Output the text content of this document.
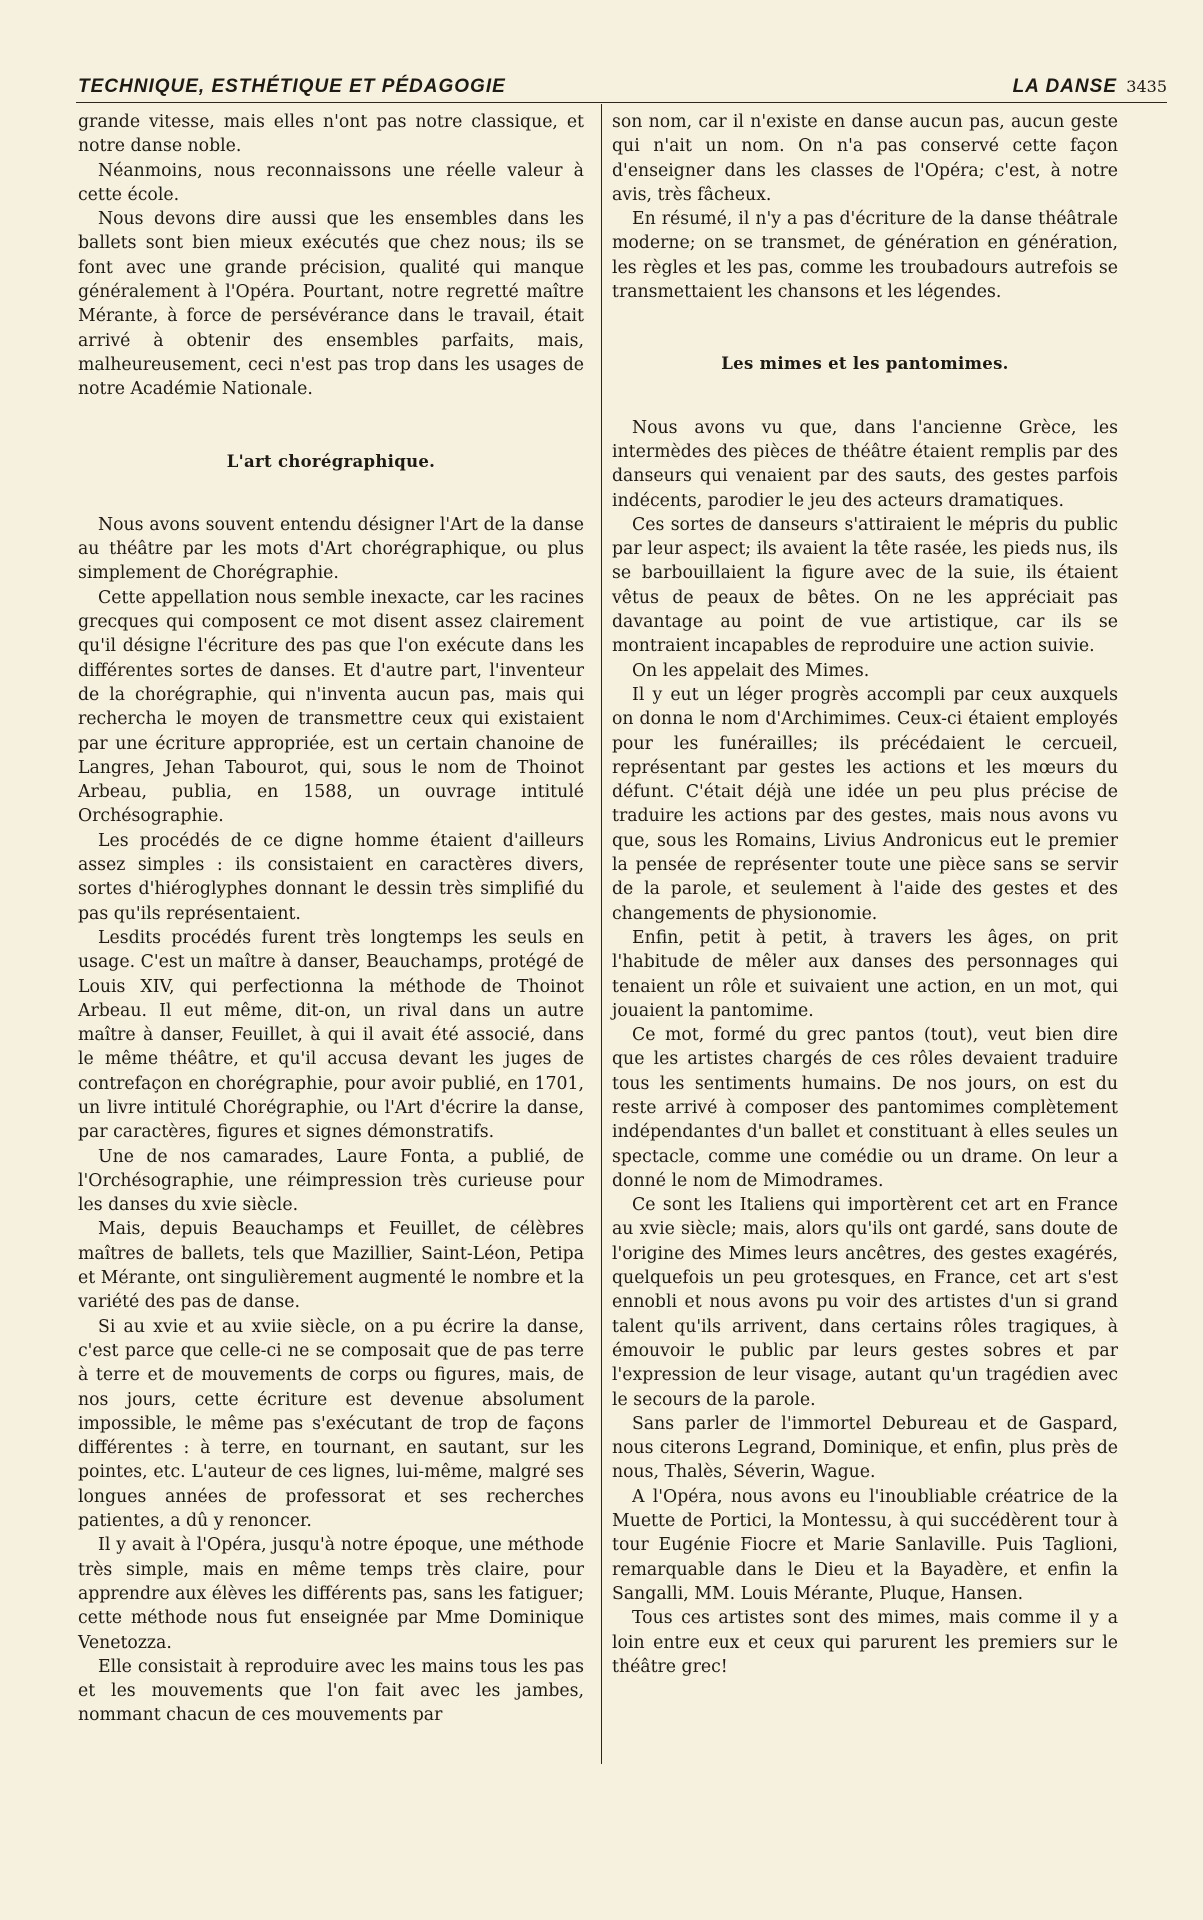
TECHNIQUE, ESTHÉTIQUE ET PÉDAGOGIE	LA DANSE 3435

grande vitesse, mais elles n'ont pas notre classique, et notre danse noble.

Néanmoins, nous reconnaissons une réelle valeur à cette école.

Nous devons dire aussi que les ensembles dans les ballets sont bien mieux exécutés que chez nous; ils se font avec une grande précision, qualité qui manque généralement à l'Opéra. Pourtant, notre regretté maître Mérante, à force de persévérance dans le travail, était arrivé à obtenir des ensembles parfaits, mais, malheureusement, ceci n'est pas trop dans les usages de notre Académie Nationale.

L'art chorégraphique.

Nous avons souvent entendu désigner l'Art de la danse au théâtre par les mots d'Art chorégraphique, ou plus simplement de Chorégraphie.

Cette appellation nous semble inexacte, car les racines grecques qui composent ce mot disent assez clairement qu'il désigne l'écriture des pas que l'on exécute dans les différentes sortes de danses. Et d'autre part, l'inventeur de la chorégraphie, qui n'inventa aucun pas, mais qui rechercha le moyen de transmettre ceux qui existaient par une écriture appropriée, est un certain chanoine de Langres, Jehan Tabourot, qui, sous le nom de Thoinot Arbeau, publia, en 1588, un ouvrage intitulé Orchésographie.

Les procédés de ce digne homme étaient d'ailleurs assez simples : ils consistaient en caractères divers, sortes d'hiéroglyphes donnant le dessin très simplifié du pas qu'ils représentaient.

Lesdits procédés furent très longtemps les seuls en usage. C'est un maître à danser, Beauchamps, protégé de Louis XIV, qui perfectionna la méthode de Thoinot Arbeau. Il eut même, dit-on, un rival dans un autre maître à danser, Feuillet, à qui il avait été associé, dans le même théâtre, et qu'il accusa devant les juges de contrefaçon en chorégraphie, pour avoir publié, en 1701, un livre intitulé Chorégraphie, ou l'Art d'écrire la danse, par caractères, figures et signes démonstratifs.

Une de nos camarades, Laure Fonta, a publié, de l'Orchésographie, une réimpression très curieuse pour les danses du xvie siècle.

Mais, depuis Beauchamps et Feuillet, de célèbres maîtres de ballets, tels que Mazillier, Saint-Léon, Petipa et Mérante, ont singulièrement augmenté le nombre et la variété des pas de danse.

Si au xvie et au xviie siècle, on a pu écrire la danse, c'est parce que celle-ci ne se composait que de pas terre à terre et de mouvements de corps ou figures, mais, de nos jours, cette écriture est devenue absolument impossible, le même pas s'exécutant de trop de façons différentes : à terre, en tournant, en sautant, sur les pointes, etc. L'auteur de ces lignes, lui-même, malgré ses longues années de professorat et ses recherches patientes, a dû y renoncer.

Il y avait à l'Opéra, jusqu'à notre époque, une méthode très simple, mais en même temps très claire, pour apprendre aux élèves les différents pas, sans les fatiguer; cette méthode nous fut enseignée par Mme Dominique Venetozza.

Elle consistait à reproduire avec les mains tous les pas et les mouvements que l'on fait avec les jambes, nommant chacun de ces mouvements par

son nom, car il n'existe en danse aucun pas, aucun geste qui n'ait un nom. On n'a pas conservé cette façon d'enseigner dans les classes de l'Opéra; c'est, à notre avis, très fâcheux.

En résumé, il n'y a pas d'écriture de la danse théâtrale moderne; on se transmet, de génération en génération, les règles et les pas, comme les troubadours autrefois se transmettaient les chansons et les légendes.

Les mimes et les pantomimes.

Nous avons vu que, dans l'ancienne Grèce, les intermèdes des pièces de théâtre étaient remplis par des danseurs qui venaient par des sauts, des gestes parfois indécents, parodier le jeu des acteurs dramatiques.

Ces sortes de danseurs s'attiraient le mépris du public par leur aspect; ils avaient la tête rasée, les pieds nus, ils se barbouillaient la figure avec de la suie, ils étaient vêtus de peaux de bêtes. On ne les appréciait pas davantage au point de vue artistique, car ils se montraient incapables de reproduire une action suivie.

On les appelait des Mimes.

Il y eut un léger progrès accompli par ceux auxquels on donna le nom d'Archimimes. Ceux-ci étaient employés pour les funérailles; ils précédaient le cercueil, représentant par gestes les actions et les mœurs du défunt. C'était déjà une idée un peu plus précise de traduire les actions par des gestes, mais nous avons vu que, sous les Romains, Livius Andronicus eut le premier la pensée de représenter toute une pièce sans se servir de la parole, et seulement à l'aide des gestes et des changements de physionomie.

Enfin, petit à petit, à travers les âges, on prit l'habitude de mêler aux danses des personnages qui tenaient un rôle et suivaient une action, en un mot, qui jouaient la pantomime.

Ce mot, formé du grec pantos (tout), veut bien dire que les artistes chargés de ces rôles devaient traduire tous les sentiments humains. De nos jours, on est du reste arrivé à composer des pantomimes complètement indépendantes d'un ballet et constituant à elles seules un spectacle, comme une comédie ou un drame. On leur a donné le nom de Mimodrames.

Ce sont les Italiens qui importèrent cet art en France au xvie siècle; mais, alors qu'ils ont gardé, sans doute de l'origine des Mimes leurs ancêtres, des gestes exagérés, quelquefois un peu grotesques, en France, cet art s'est ennobli et nous avons pu voir des artistes d'un si grand talent qu'ils arrivent, dans certains rôles tragiques, à émouvoir le public par leurs gestes sobres et par l'expression de leur visage, autant qu'un tragédien avec le secours de la parole.

Sans parler de l'immortel Debureau et de Gaspard, nous citerons Legrand, Dominique, et enfin, plus près de nous, Thalès, Séverin, Wague.

A l'Opéra, nous avons eu l'inoubliable créatrice de la Muette de Portici, la Montessu, à qui succédèrent tour à tour Eugénie Fiocre et Marie Sanlaville. Puis Taglioni, remarquable dans le Dieu et la Bayadère, et enfin la Sangalli, MM. Louis Mérante, Pluque, Hansen.

Tous ces artistes sont des mimes, mais comme il y a loin entre eux et ceux qui parurent les premiers sur le théâtre grec!
